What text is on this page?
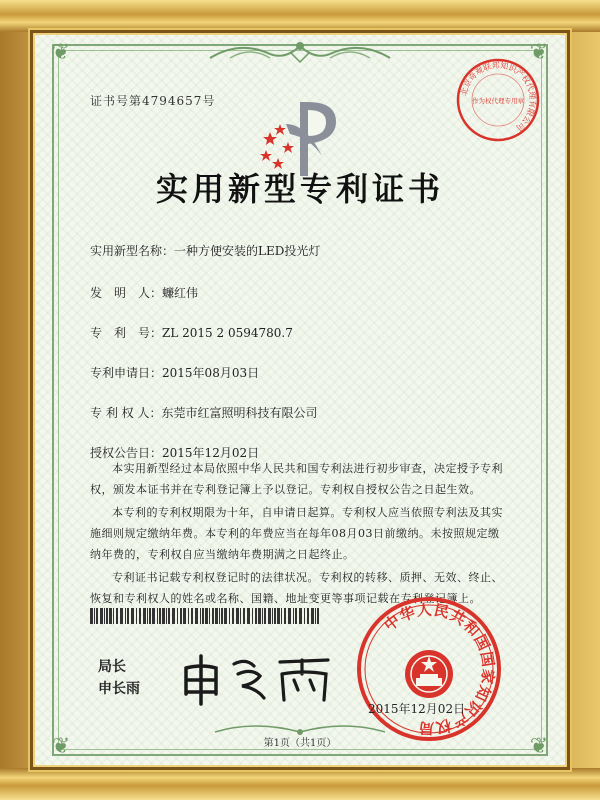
❦	❦
❦	❦
证书号第4794657号
北京奇观联邦知识产权代理有限公司
作为权代理专用章
实用新型专利证书
实用新型名称：一种方便安装的LED投光灯
发　明　人：蠊红伟
专　利　号：ZL 2015 2 0594780.7
专利申请日：2015年08月03日
专 利 权 人：东莞市红富照明科技有限公司
授权公告日：2015年12月02日

本实用新型经过本局依照中华人民共和国专利法进行初步审查，决定授予专利权，颁发本证书并在专利登记簿上予以登记。专利权自授权公告之日起生效。

本专利的专利权期限为十年，自申请日起算。专利权人应当依照专利法及其实施细则规定缴纳年费。本专利的年费应当在每年08月03日前缴纳。未按照规定缴纳年费的，专利权自应当缴纳年费期满之日起终止。

专利证书记载专利权登记时的法律状况。专利权的转移、质押、无效、终止、恢复和专利权人的姓名或名称、国籍、地址变更等事项记载在专利登记簿上。

局长
申长雨
中华人民共和国国家知识产权局
2015年12月02日
第1页（共1页）
